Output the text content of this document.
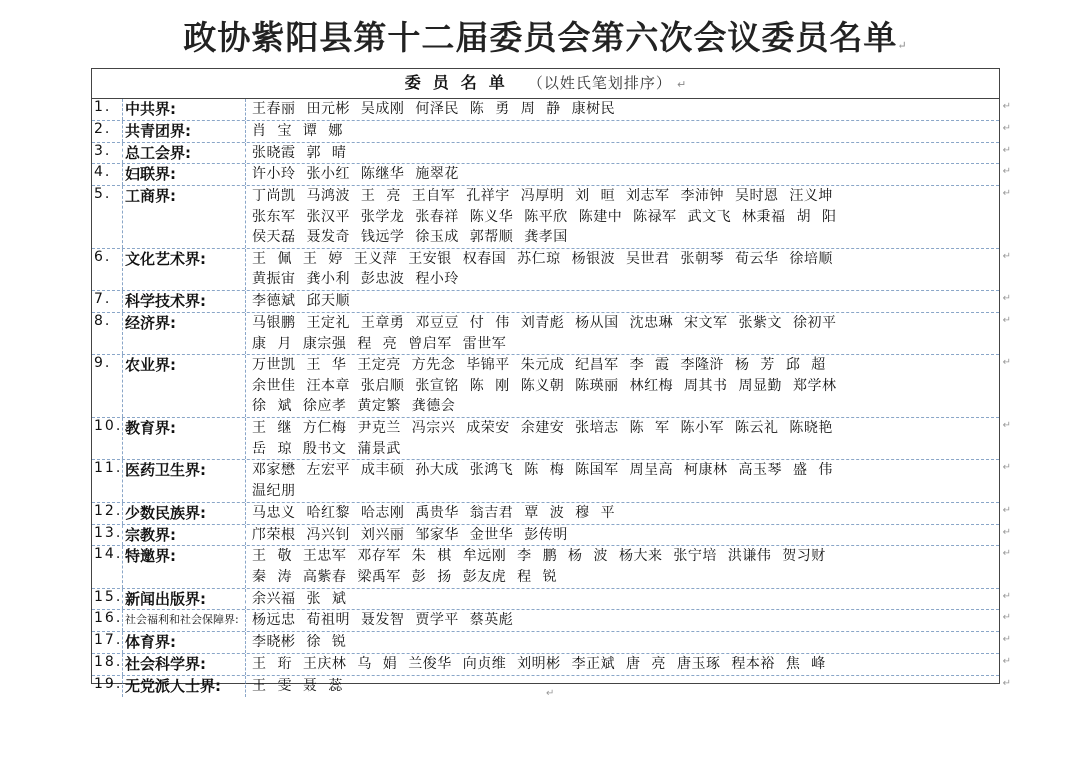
政协紫阳县第十二届委员会第六次会议委员名单↵
委员名单 （以姓氏笔划排序） ↵
1. 中共界:	王春丽 田元彬 吴成刚 何泽民 陈 勇 周 静 康树民	↵
2. 共青团界:	肖 宝 谭 娜	↵
3. 总工会界:	张晓霞 郭 晴	↵
4. 妇联界:	许小玲 张小红 陈继华 施翠花	↵
5. 工商界:	丁尚凯 马鸿波 王 亮 王自军 孔祥宇 冯厚明 刘 晅 刘志军 李沛钟 吴时恩 汪义坤
张东军 张汉平 张学龙 张春祥 陈义华 陈平欣 陈建中 陈禄军 武文飞 林秉福 胡 阳
侯天磊 聂发奇 钱远学 徐玉成 郭帮顺 龚孝国
↵
6. 文化艺术界:	王 佩 王 婷 王义萍 王安银 权春国 苏仁琼 杨银波 吴世君 张朝琴 荀云华 徐培顺
黄振宙 龚小利 彭忠波 程小玲
↵
7. 科学技术界:	李德斌 邱天顺	↵
8. 经济界:	马银鹏 王定礼 王章勇 邓豆豆 付 伟 刘青彪 杨从国 沈忠琳 宋文军 张紫文 徐初平
康 月 康宗强 程 亮 曾启军 雷世军
↵
9. 农业界:	万世凯 王 华 王定亮 方先念 毕锦平 朱元成 纪昌军 李 霞 李隆浒 杨 芳 邱 超
余世佳 汪本章 张启顺 张宣铭 陈 刚 陈义朝 陈瑛丽 林红梅 周其书 周显勤 郑学林
徐 斌 徐应孝 黄定繁 龚德会
↵
10. 教育界:	王 继 方仁梅 尹克兰 冯宗兴 成荣安 余建安 张培志 陈 军 陈小军 陈云礼 陈晓艳
岳 琼 殷书文 蒲景武
↵
11. 医药卫生界:	邓家懋 左宏平 成丰硕 孙大成 张鸿飞 陈 梅 陈国军 周呈高 柯康林 高玉琴 盛 伟
温纪朋
↵
12. 少数民族界:	马忠义 哈红黎 哈志刚 禹贵华 翁吉君 覃 波 穆 平	↵
13. 宗教界:	邝荣根 冯兴钊 刘兴丽 邹家华 金世华 彭传明	↵
14. 特邀界:	王 敬 王忠军 邓存军 朱 棋 牟远刚 李 鹏 杨 波 杨大来 张宁培 洪谦伟 贺习财
秦 涛 高紫春 梁禹军 彭 扬 彭友虎 程 锐
↵
15. 新闻出版界:	余兴福 张 斌	↵
16. 社会福利和社会保障界: 杨远忠 荀祖明 聂发智 贾学平 蔡英彪	↵
17. 体育界:	李晓彬 徐 锐	↵
18. 社会科学界:	王 珩 王庆林 乌 娟 兰俊华 向贞维 刘明彬 李正斌 唐 亮 唐玉琢 程本裕 焦 峰	↵
19. 无党派人士界:	王 雯 聂 蕊	↵
↵
